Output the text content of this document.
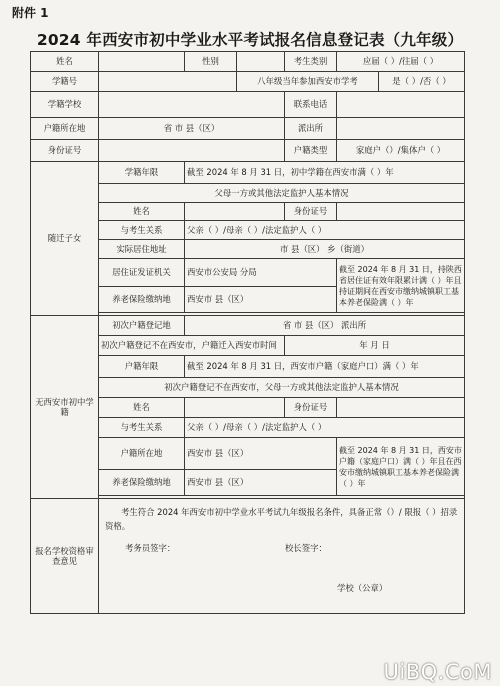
附件 1
2024 年西安市初中学业水平考试报名信息登记表（九年级）
姓名		性别		考生类别	应届（ ）/往届（ ）	
学籍号			八年级当年参加西安市学考			是（ ）/否（ ）
学籍学校				联系电话		
户籍所在地	省 市 县（区）			派出所		
身份证号				户籍类型	家庭户（）/集体户（ ）	
随迁子女	学籍年限	截至 2024 年 8 月 31 日，初中学籍在西安市满（ ）年				
	父母一方或其他法定监护人基本情况					
	姓名			身份证号		
	与考生关系	父亲（ ）/母亲（ ）/法定监护人（ ）				
	实际居住地址	市 县（区） 乡（街道）				
	居住证发证机关	西安市公安局 分局			截至 2024 年 8 月 31 日，持陕西省居住证有效年限累计满（ ）年且持证期间在西安市缴纳城镇职工基本养老保险满（ ）年	
	养老保险缴纳地	西安市 县（区）				

无西安市初中学籍	初次户籍登记地	省 市 县（区） 派出所				
	初次户籍登记不在西安市，户籍迁入西安市时间			年 月 日		
	户籍年限	截至 2024 年 8 月 31 日，西安市户籍（家庭户口）满（ ）年				
	初次户籍登记不在西安市，父母一方或其他法定监护人基本情况					
	姓名			身份证号		
	与考生关系	父亲（ ）/母亲（ ）/法定监护人（ ）				
	户籍所在地	西安市 县（区）			截至 2024 年 8 月 31 日，西安市户籍（家庭户口）满（ ）年且在西安市缴纳城镇职工基本养老保险满（ ）年	
	养老保险缴纳地	西安市 县（区）				

报名学校资格审查意见	考生符合 2024 年西安市初中学业水平考试九年级报名条件，具备正常（）/ 限报（ ）招录资格。
考务员签字： 校长签字：
学校（公章）					
UiBQ.CoM
